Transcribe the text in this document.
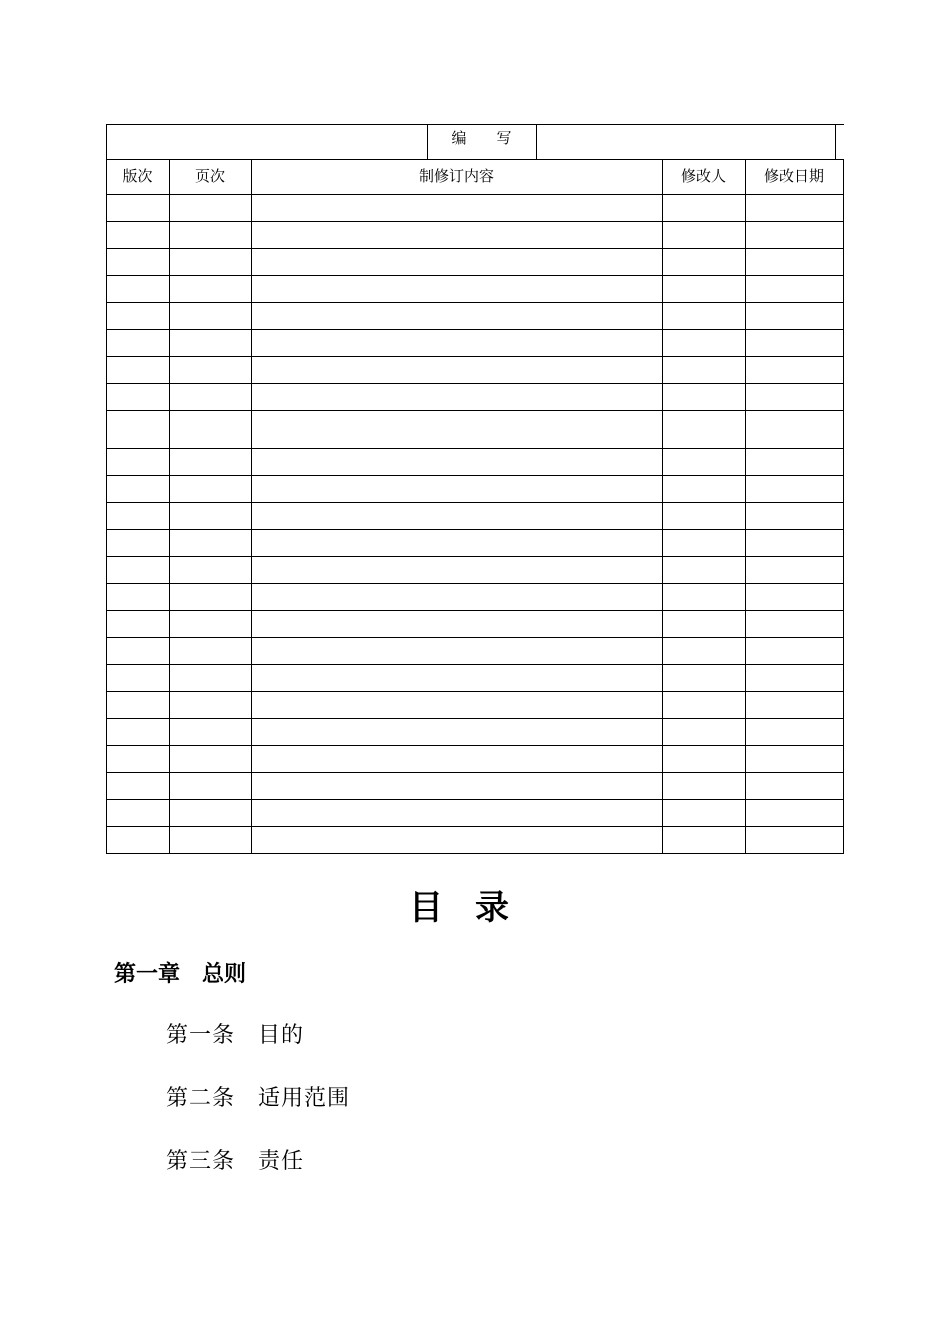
编　　写
版次	页次	制修订内容	修改人	修改日期
目录
第一章　总则
第一条　目的
第二条　适用范围
第三条　责任
